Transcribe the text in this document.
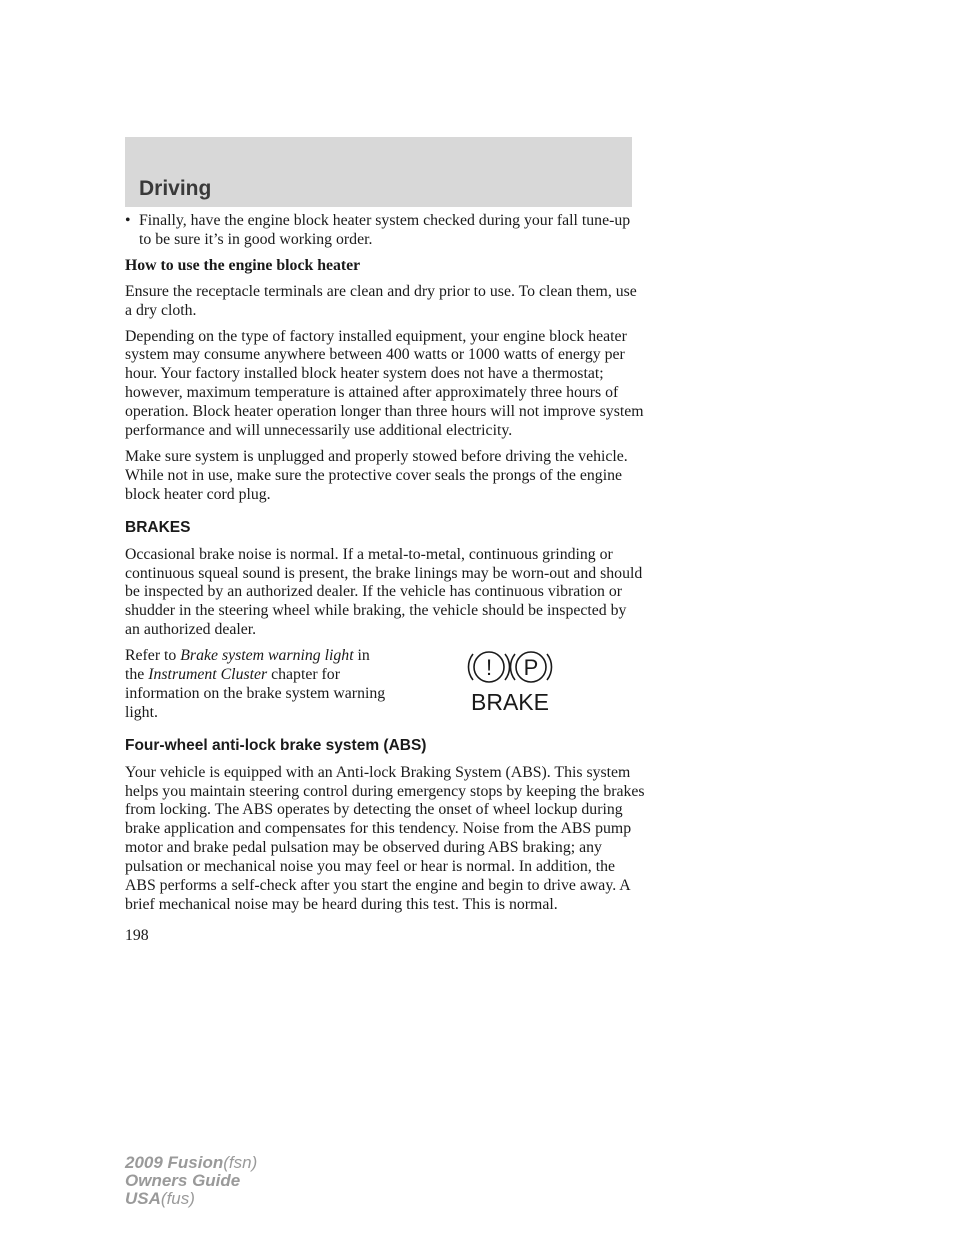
Driving
• Finally, have the engine block heater system checked during your fall tune-up to be sure it’s in good working order.

How to use the engine block heater

Ensure the receptacle terminals are clean and dry prior to use. To clean them, use a dry cloth.

Depending on the type of factory installed equipment, your engine block heater system may consume anywhere between 400 watts or 1000 watts of energy per hour. Your factory installed block heater system does not have a thermostat; however, maximum temperature is attained after approximately three hours of operation. Block heater operation longer than three hours will not improve system performance and will unnecessarily use additional electricity.

Make sure system is unplugged and properly stowed before driving the vehicle. While not in use, make sure the protective cover seals the prongs of the engine block heater cord plug.

BRAKES

Occasional brake noise is normal. If a metal-to-metal, continuous grinding or continuous squeal sound is present, the brake linings may be worn-out and should be inspected by an authorized dealer. If the vehicle has continuous vibration or shudder in the steering wheel while braking, the vehicle should be inspected by an authorized dealer.

Refer to Brake system warning light in the Instrument Cluster chapter for information on the brake system warning light.
! P
BRAKE
Four-wheel anti-lock brake system (ABS)

Your vehicle is equipped with an Anti-lock Braking System (ABS). This system helps you maintain steering control during emergency stops by keeping the brakes from locking. The ABS operates by detecting the onset of wheel lockup during brake application and compensates for this tendency. Noise from the ABS pump motor and brake pedal pulsation may be observed during ABS braking; any pulsation or mechanical noise you may feel or hear is normal. In addition, the ABS performs a self-check after you start the engine and begin to drive away. A brief mechanical noise may be heard during this test. This is normal.

198
2009 Fusion(fsn)
Owners Guide
USA(fus)
